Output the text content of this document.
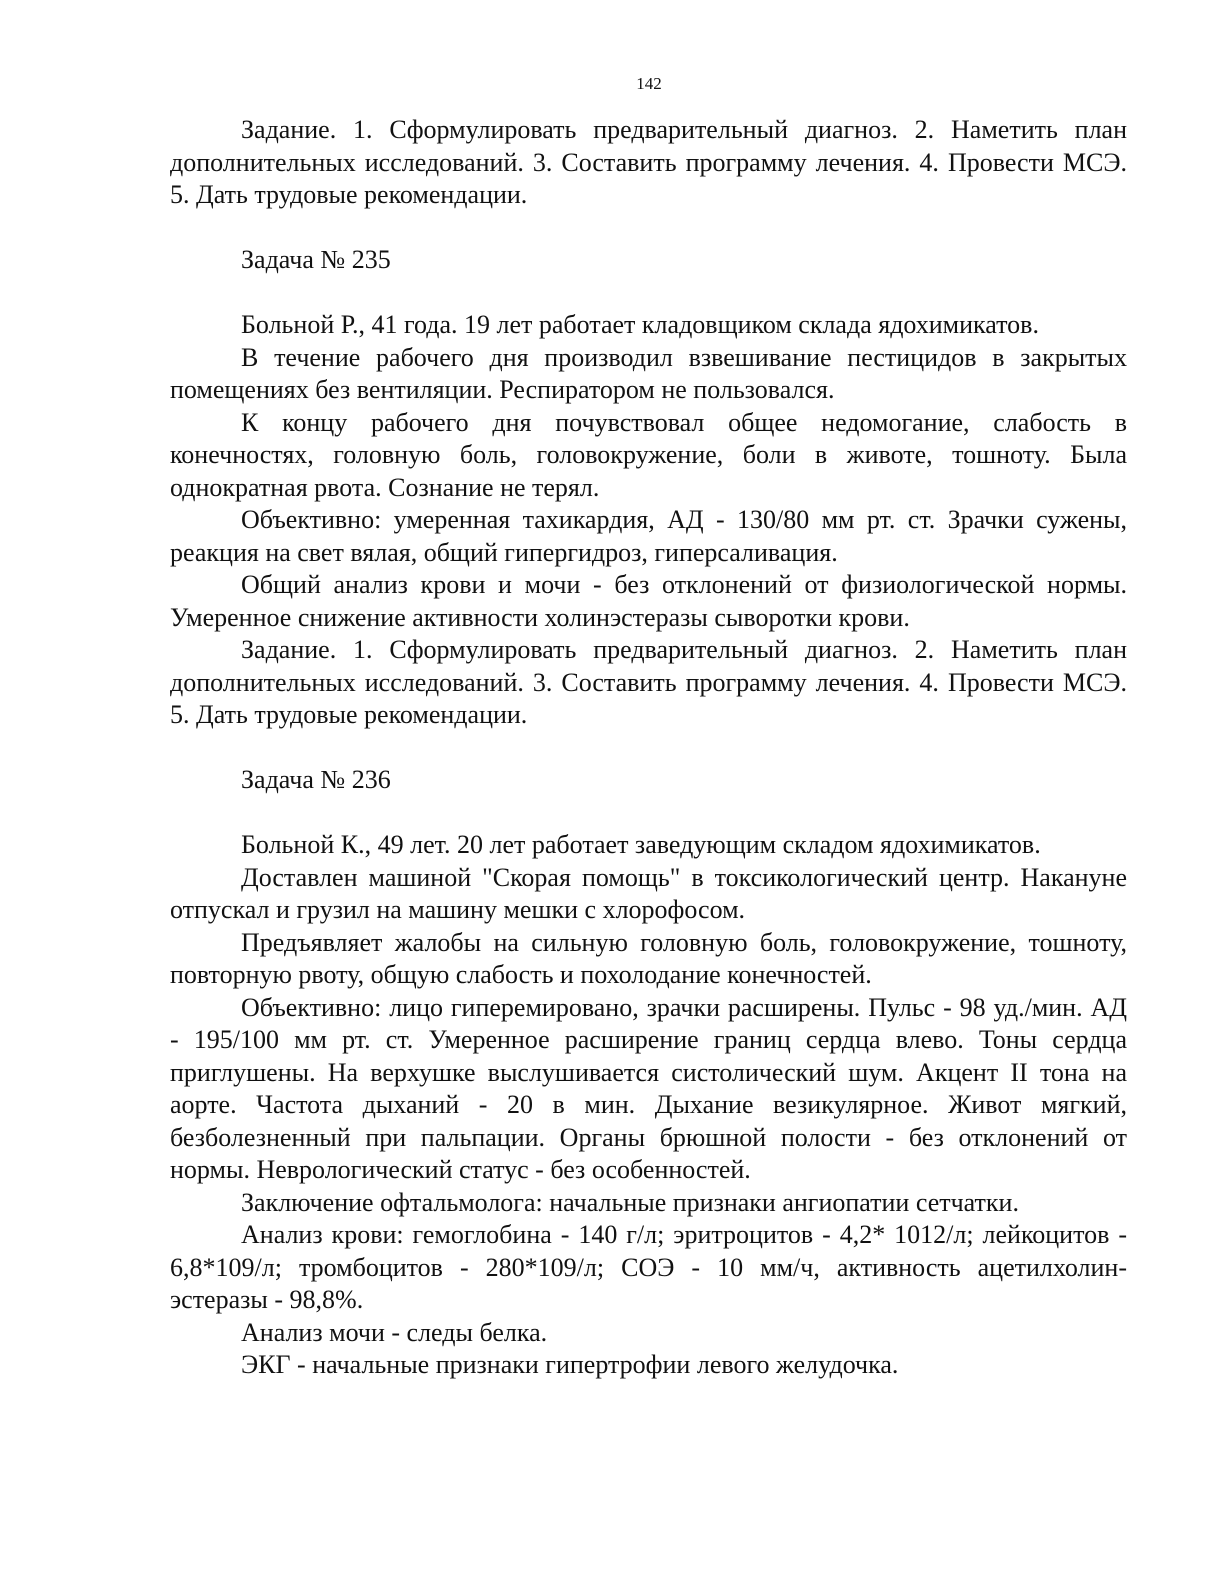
142

Задание. 1. Сформулировать предварительный диагноз. 2. Наметить план дополнительных исследований. 3. Составить программу лечения. 4. Провести МСЭ. 5. Дать трудовые рекомендации.

Задача № 235

Больной Р., 41 года. 19 лет работает кладовщиком склада ядохимикатов.

В течение рабочего дня производил взвешивание пестицидов в закрытых помещениях без вентиляции. Респиратором не пользовался.

К концу рабочего дня почувствовал общее недомогание, слабость в конечностях, головную боль, головокружение, боли в животе, тошноту. Была однократная рвота. Сознание не терял.

Объективно: умеренная тахикардия, АД - 130/80 мм рт. ст. Зрачки сужены, реакция на свет вялая, общий гипергидроз, гиперсаливация.

Общий анализ крови и мочи - без отклонений от физиологической нормы. Умеренное снижение активности холинэстеразы сыворотки крови.

Задание. 1. Сформулировать предварительный диагноз. 2. Наметить план дополнительных исследований. 3. Составить программу лечения. 4. Провести МСЭ. 5. Дать трудовые рекомендации.

Задача № 236

Больной К., 49 лет. 20 лет работает заведующим складом ядохимикатов.

Доставлен машиной "Скорая помощь" в токсикологический центр. Накануне отпускал и грузил на машину мешки с хлорофосом.

Предъявляет жалобы на сильную головную боль, головокружение, тошноту, повторную рвоту, общую слабость и похолодание конечностей.

Объективно: лицо гиперемировано, зрачки расширены. Пульс - 98 уд./мин. АД - 195/100 мм рт. ст. Умеренное расширение границ сердца влево. Тоны сердца приглушены. На верхушке выслушивается систолический шум. Акцент II тона на аорте. Частота дыханий - 20 в мин. Дыхание везикулярное. Живот мягкий, безболезненный при пальпации. Органы брюшной полости - без отклонений от нормы. Неврологический статус - без особенностей.

Заключение офтальмолога: начальные признаки ангиопатии сетчатки.

Анализ крови: гемоглобина - 140 г/л; эритроцитов - 4,2* 1012/л; лейкоцитов - 6,8*109/л; тромбоцитов - 280*109/л; СОЭ - 10 мм/ч, активность ацетилхолин-эстеразы - 98,8%.

Анализ мочи - следы белка.

ЭКГ - начальные признаки гипертрофии левого желудочка.
